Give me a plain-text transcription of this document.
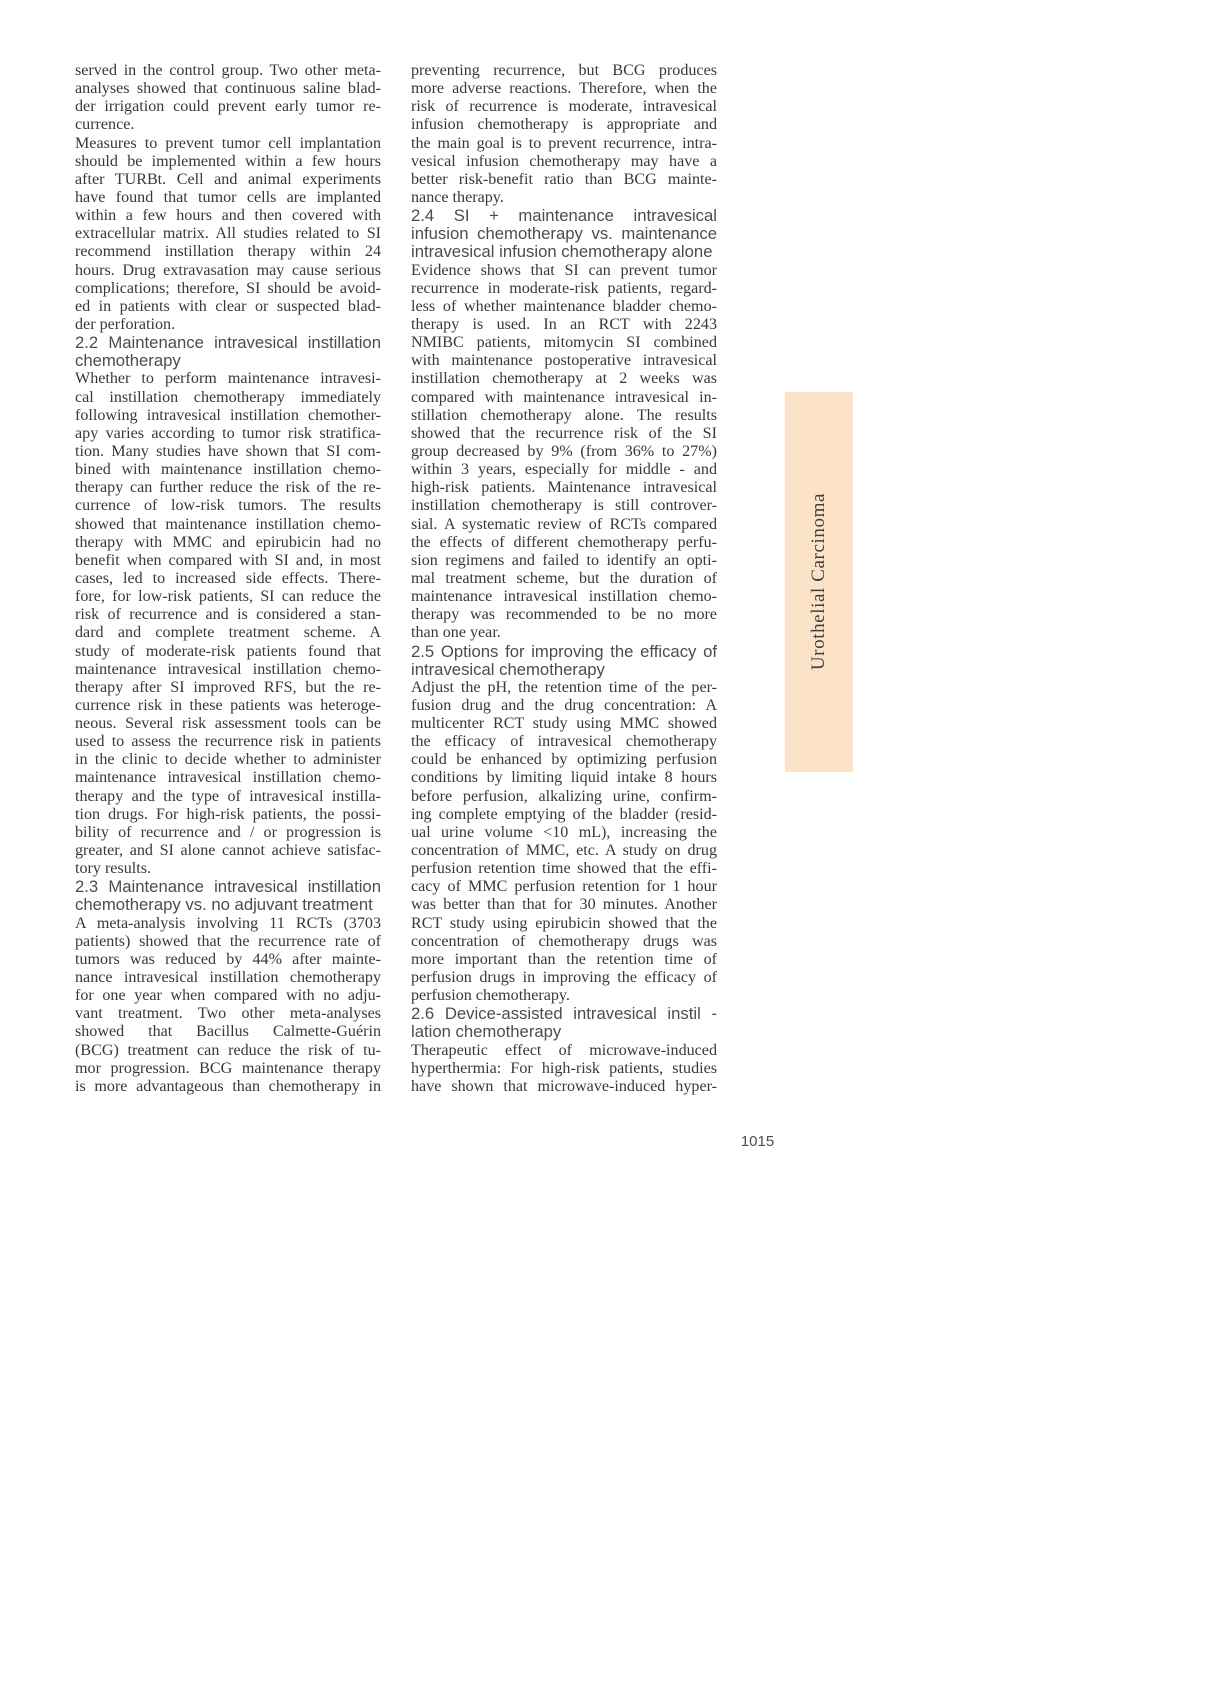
served in the control group. Two other meta-
analyses showed that continuous saline blad-
der irrigation could prevent early tumor re-
currence.
Measures to prevent tumor cell implantation
should be implemented within a few hours
after TURBt. Cell and animal experiments
have found that tumor cells are implanted
within a few hours and then covered with
extracellular matrix. All studies related to SI
recommend instillation therapy within 24
hours. Drug extravasation may cause serious
complications; therefore, SI should be avoid-
ed in patients with clear or suspected blad-
der perforation.
2.2 Maintenance intravesical instillation
chemotherapy
Whether to perform maintenance intravesi-
cal instillation chemotherapy immediately
following intravesical instillation chemother-
apy varies according to tumor risk stratifica-
tion. Many studies have shown that SI com-
bined with maintenance instillation chemo-
therapy can further reduce the risk of the re-
currence of low-risk tumors. The results
showed that maintenance instillation chemo-
therapy with MMC and epirubicin had no
benefit when compared with SI and, in most
cases, led to increased side effects. There-
fore, for low-risk patients, SI can reduce the
risk of recurrence and is considered a stan-
dard and complete treatment scheme. A
study of moderate-risk patients found that
maintenance intravesical instillation chemo-
therapy after SI improved RFS, but the re-
currence risk in these patients was heteroge-
neous. Several risk assessment tools can be
used to assess the recurrence risk in patients
in the clinic to decide whether to administer
maintenance intravesical instillation chemo-
therapy and the type of intravesical instilla-
tion drugs. For high-risk patients, the possi-
bility of recurrence and / or progression is
greater, and SI alone cannot achieve satisfac-
tory results.
2.3 Maintenance intravesical instillation
chemotherapy vs. no adjuvant treatment
A meta-analysis involving 11 RCTs (3703
patients) showed that the recurrence rate of
tumors was reduced by 44% after mainte-
nance intravesical instillation chemotherapy
for one year when compared with no adju-
vant treatment. Two other meta-analyses
showed that Bacillus Calmette-Guérin
(BCG) treatment can reduce the risk of tu-
mor progression. BCG maintenance therapy
is more advantageous than chemotherapy in
preventing recurrence, but BCG produces
more adverse reactions. Therefore, when the
risk of recurrence is moderate, intravesical
infusion chemotherapy is appropriate and
the main goal is to prevent recurrence, intra-
vesical infusion chemotherapy may have a
better risk-benefit ratio than BCG mainte-
nance therapy.
2.4 SI + maintenance intravesical
infusion chemotherapy vs. maintenance
intravesical infusion chemotherapy alone
Evidence shows that SI can prevent tumor
recurrence in moderate-risk patients, regard-
less of whether maintenance bladder chemo-
therapy is used. In an RCT with 2243
NMIBC patients, mitomycin SI combined
with maintenance postoperative intravesical
instillation chemotherapy at 2 weeks was
compared with maintenance intravesical in-
stillation chemotherapy alone. The results
showed that the recurrence risk of the SI
group decreased by 9% (from 36% to 27%)
within 3 years, especially for middle - and
high-risk patients. Maintenance intravesical
instillation chemotherapy is still controver-
sial. A systematic review of RCTs compared
the effects of different chemotherapy perfu-
sion regimens and failed to identify an opti-
mal treatment scheme, but the duration of
maintenance intravesical instillation chemo-
therapy was recommended to be no more
than one year.
2.5 Options for improving the efficacy of
intravesical chemotherapy
Adjust the pH, the retention time of the per-
fusion drug and the drug concentration: A
multicenter RCT study using MMC showed
the efficacy of intravesical chemotherapy
could be enhanced by optimizing perfusion
conditions by limiting liquid intake 8 hours
before perfusion, alkalizing urine, confirm-
ing complete emptying of the bladder (resid-
ual urine volume <10 mL), increasing the
concentration of MMC, etc. A study on drug
perfusion retention time showed that the effi-
cacy of MMC perfusion retention for 1 hour
was better than that for 30 minutes. Another
RCT study using epirubicin showed that the
concentration of chemotherapy drugs was
more important than the retention time of
perfusion drugs in improving the efficacy of
perfusion chemotherapy.
2.6 Device-assisted intravesical instil -
lation chemotherapy
Therapeutic effect of microwave-induced
hyperthermia: For high-risk patients, studies
have shown that microwave-induced hyper-
Urothelial Carcinoma
1015
